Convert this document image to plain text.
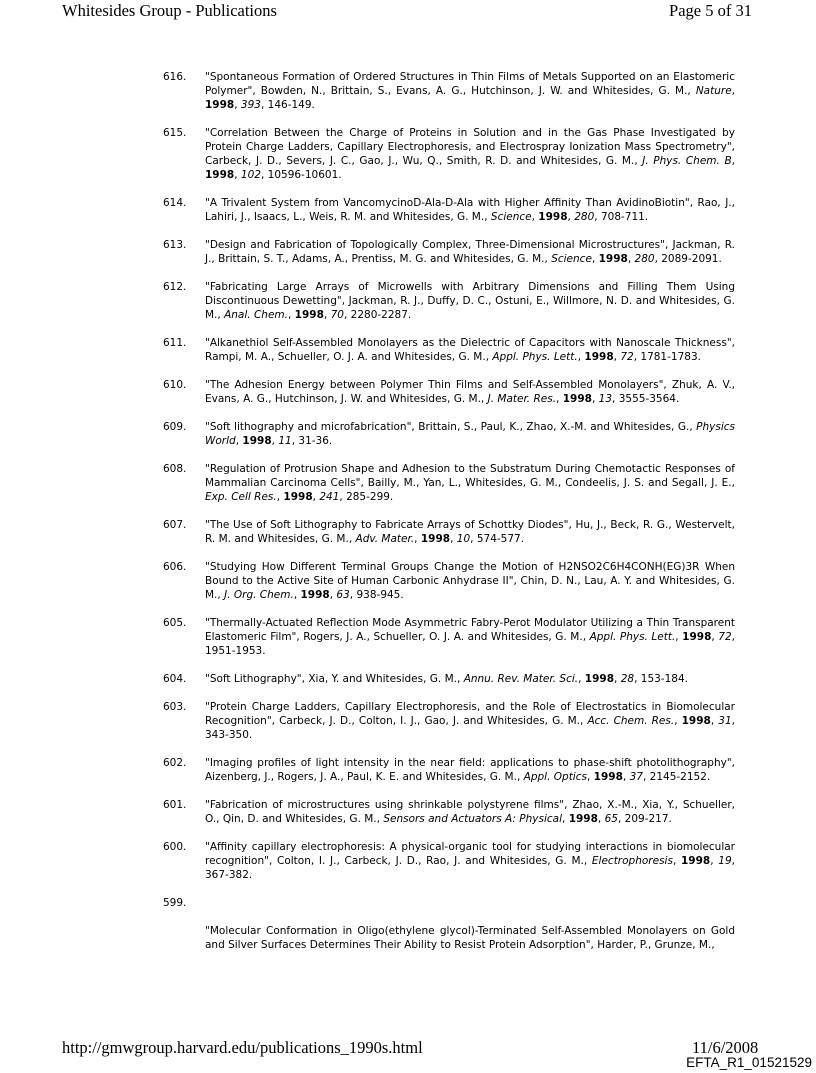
Whitesides Group - Publications	Page 5 of 31
616. "Spontaneous Formation of Ordered Structures in Thin Films of Metals Supported on an Elastomeric Polymer", Bowden, N., Brittain, S., Evans, A. G., Hutchinson, J. W. and Whitesides, G. M., Nature, 1998, 393, 146-149.
615. "Correlation Between the Charge of Proteins in Solution and in the Gas Phase Investigated by Protein Charge Ladders, Capillary Electrophoresis, and Electrospray Ionization Mass Spectrometry", Carbeck, J. D., Severs, J. C., Gao, J., Wu, Q., Smith, R. D. and Whitesides, G. M., J. Phys. Chem. B, 1998, 102, 10596-10601.
614. "A Trivalent System from VancomycinoD-Ala-D-Ala with Higher Affinity Than AvidinoBiotin", Rao, J., Lahiri, J., Isaacs, L., Weis, R. M. and Whitesides, G. M., Science, 1998, 280, 708-711.
613. "Design and Fabrication of Topologically Complex, Three-Dimensional Microstructures", Jackman, R. J., Brittain, S. T., Adams, A., Prentiss, M. G. and Whitesides, G. M., Science, 1998, 280, 2089-2091.
612. "Fabricating Large Arrays of Microwells with Arbitrary Dimensions and Filling Them Using Discontinuous Dewetting", Jackman, R. J., Duffy, D. C., Ostuni, E., Willmore, N. D. and Whitesides, G. M., Anal. Chem., 1998, 70, 2280-2287.
611. "Alkanethiol Self-Assembled Monolayers as the Dielectric of Capacitors with Nanoscale Thickness", Rampi, M. A., Schueller, O. J. A. and Whitesides, G. M., Appl. Phys. Lett., 1998, 72, 1781-1783.
610. "The Adhesion Energy between Polymer Thin Films and Self-Assembled Monolayers", Zhuk, A. V., Evans, A. G., Hutchinson, J. W. and Whitesides, G. M., J. Mater. Res., 1998, 13, 3555-3564.
609. "Soft lithography and microfabrication", Brittain, S., Paul, K., Zhao, X.-M. and Whitesides, G., Physics World, 1998, 11, 31-36.
608. "Regulation of Protrusion Shape and Adhesion to the Substratum During Chemotactic Responses of Mammalian Carcinoma Cells", Bailly, M., Yan, L., Whitesides, G. M., Condeelis, J. S. and Segall, J. E., Exp. Cell Res., 1998, 241, 285-299.
607. "The Use of Soft Lithography to Fabricate Arrays of Schottky Diodes", Hu, J., Beck, R. G., Westervelt, R. M. and Whitesides, G. M., Adv. Mater., 1998, 10, 574-577.
606. "Studying How Different Terminal Groups Change the Motion of H2NSO2C6H4CONH(EG)3R When Bound to the Active Site of Human Carbonic Anhydrase II", Chin, D. N., Lau, A. Y. and Whitesides, G. M., J. Org. Chem., 1998, 63, 938-945.
605. "Thermally-Actuated Reflection Mode Asymmetric Fabry-Perot Modulator Utilizing a Thin Transparent Elastomeric Film", Rogers, J. A., Schueller, O. J. A. and Whitesides, G. M., Appl. Phys. Lett., 1998, 72, 1951-1953.
604. "Soft Lithography", Xia, Y. and Whitesides, G. M., Annu. Rev. Mater. Sci., 1998, 28, 153-184.
603. "Protein Charge Ladders, Capillary Electrophoresis, and the Role of Electrostatics in Biomolecular Recognition", Carbeck, J. D., Colton, I. J., Gao, J. and Whitesides, G. M., Acc. Chem. Res., 1998, 31, 343-350.
602. "Imaging profiles of light intensity in the near field: applications to phase-shift photolithography", Aizenberg, J., Rogers, J. A., Paul, K. E. and Whitesides, G. M., Appl. Optics, 1998, 37, 2145-2152.
601. "Fabrication of microstructures using shrinkable polystyrene films", Zhao, X.-M., Xia, Y., Schueller, O., Qin, D. and Whitesides, G. M., Sensors and Actuators A: Physical, 1998, 65, 209-217.
600. "Affinity capillary electrophoresis: A physical-organic tool for studying interactions in biomolecular recognition", Colton, I. J., Carbeck, J. D., Rao, J. and Whitesides, G. M., Electrophoresis, 1998, 19, 367-382.
599.
"Molecular Conformation in Oligo(ethylene glycol)-Terminated Self-Assembled Monolayers on Gold and Silver Surfaces Determines Their Ability to Resist Protein Adsorption", Harder, P., Grunze, M.,
http://gmwgroup.harvard.edu/publications_1990s.html	11/6/2008
EFTA_R1_01521529
